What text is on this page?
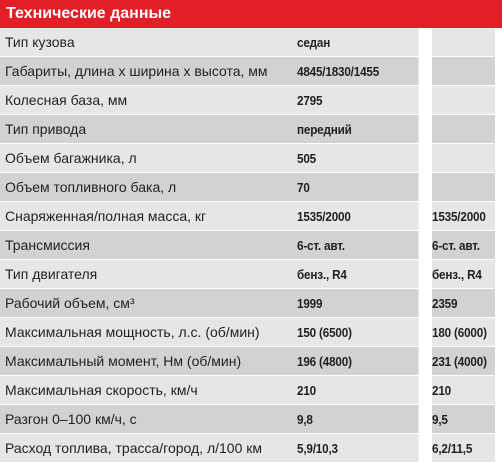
Технические данные
Тип кузова	седан	
Габариты, длина х ширина х высота, мм	4845/1830/1455	
Колесная база, мм	2795	
Тип привода	передний	
Объем багажника, л	505	
Объем топливного бака, л	70	
Снаряженная/полная масса, кг	1535/2000	1535/2000
Трансмиссия	6-ст. авт.	6-ст. авт.
Тип двигателя	бенз., R4	бенз., R4
Рабочий объем, см³	1999	2359
Максимальная мощность, л.с. (об/мин)	150 (6500)	180 (6000)
Максимальный момент, Нм (об/мин)	196 (4800)	231 (4000)
Максимальная скорость, км/ч	210	210
Разгон 0–100 км/ч, с	9,8	9,5
Расход топлива, трасса/город, л/100 км	5,9/10,3	6,2/11,5
